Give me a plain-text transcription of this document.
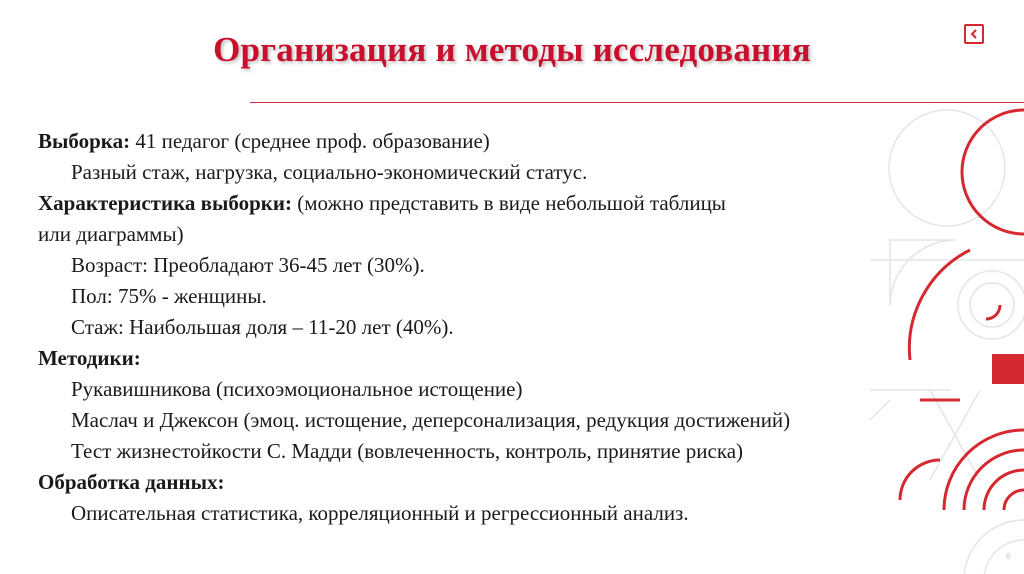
Организация и методы исследования
Выборка: 41 педагог (среднее проф. образование)
Разный стаж, нагрузка, социально-экономический статус.
Характеристика выборки: (можно представить в виде небольшой таблицы
или диаграммы)
Возраст: Преобладают 36-45 лет (30%).
Пол: 75% - женщины.
Стаж: Наибольшая доля – 11-20 лет (40%).
Методики:
Рукавишникова (психоэмоциональное истощение)
Маслач и Джексон (эмоц. истощение, деперсонализация, редукция достижений)
Тест жизнестойкости С. Мадди (вовлеченность, контроль, принятие риска)
Обработка данных:
Описательная статистика, корреляционный и регрессионный анализ.
6
